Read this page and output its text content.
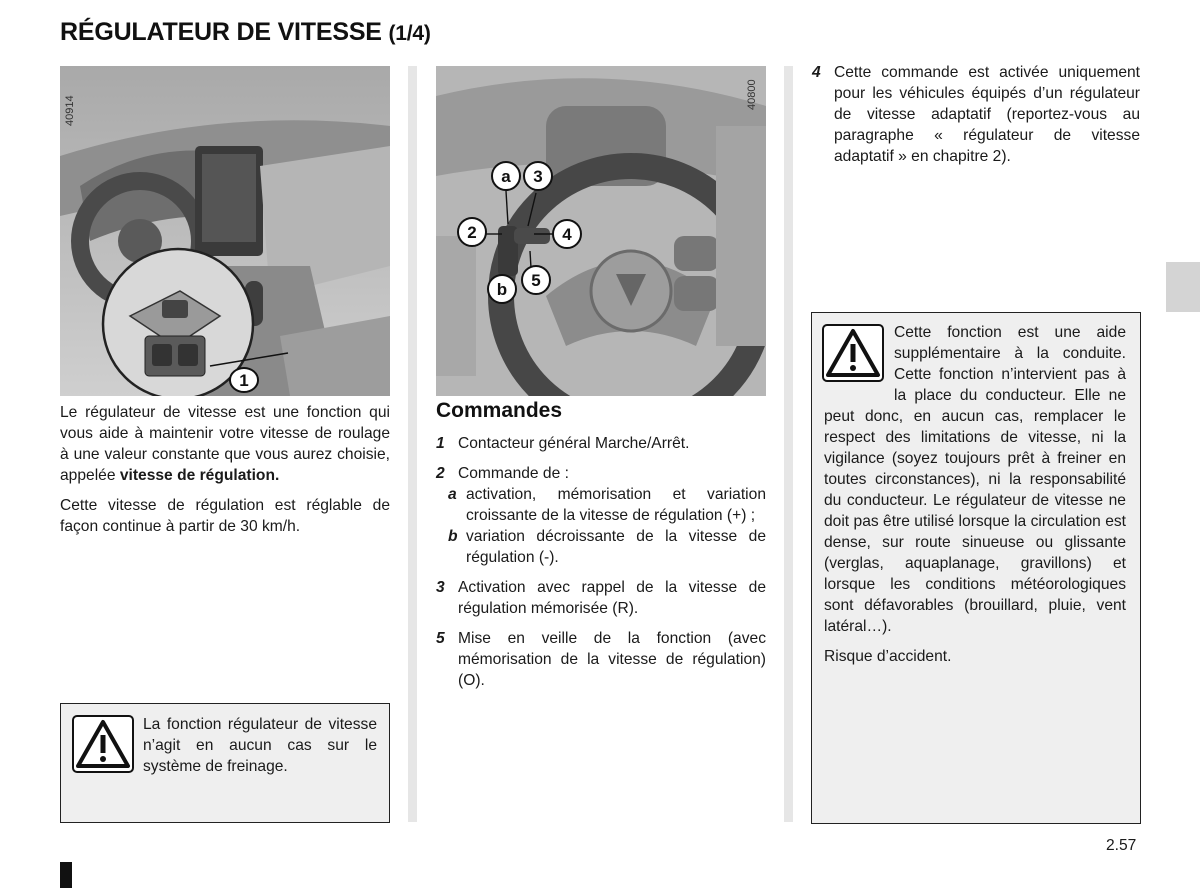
RÉGULATEUR DE VITESSE (1/4)
40914
1
40800
a 3
2	4
b 5

Le régulateur de vitesse est une fonction qui vous aide à maintenir votre vitesse de roulage à une valeur constante que vous aurez choisie, appelée vitesse de régulation.

Cette vitesse de régulation est réglable de façon continue à partir de 30 km/h.

La fonction régulateur de vitesse n’agit en aucun cas sur le système de freinage.
Commandes
1 Contacteur général Marche/Arrêt.
2 Commande de :
a activation, mémorisation et variation croissante de la vitesse de régulation (+) ;
b variation décroissante de la vitesse de régulation (-).
3 Activation avec rappel de la vitesse de régulation mémorisée (R).
5 Mise en veille de la fonction (avec mémorisation de la vitesse de régulation) (O).
4 Cette commande est activée uniquement pour les véhicules équipés d’un régulateur de vitesse adaptatif (reportez-vous au paragraphe « régulateur de vitesse adaptatif » en chapitre 2).

Cette fonction est une aide supplémentaire à la conduite. Cette fonction n’intervient pas à la place du conducteur. Elle ne peut donc, en aucun cas, remplacer le respect des limitations de vitesse, ni la vigilance (soyez toujours prêt à freiner en toutes circonstances), ni la responsabilité du conducteur. Le régulateur de vitesse ne doit pas être utilisé lorsque la circulation est dense, sur route sinueuse ou glissante (verglas, aquaplanage, gravillons) et lorsque les conditions météorologiques sont défavorables (brouillard, pluie, vent latéral…).

Risque d’accident.

2.57
